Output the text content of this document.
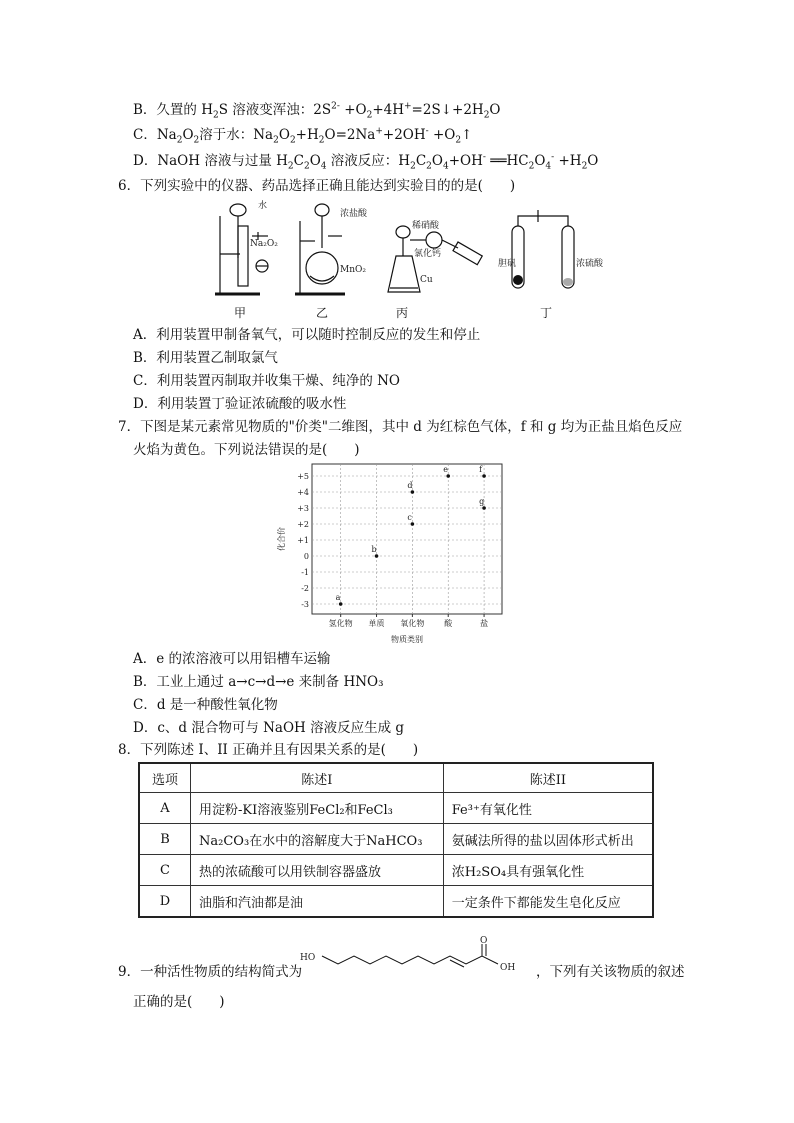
B．久置的 $H_2S$ 溶液变浑浊：$2S^{2-}$ $+O_2+4H^+=2S↓+2H_2O$
C．$Na_2O_2$溶于水：$Na_2O_2+H_2O=2Na^++2OH^-$ $+O_2↑$
D．NaOH 溶液与过量 $H_2C_2O_4$ 溶液反应：$H_2C_2O_4+OH^-$ $══HC_2O_4^- +H_2O$
6．下列实验中的仪器、药品选择正确且能达到实验目的的是(　　)
水
Na₂O₂
浓盐酸
MnO₂
稀硝酸
氯化钙
Cu
胆矾	浓硫酸
甲	乙	丙	丁
A．利用装置甲制备氧气，可以随时控制反应的发生和停止
B．利用装置乙制取氯气
C．利用装置丙制取并收集干燥、纯净的 NO
D．利用装置丁验证浓硫酸的吸水性
7．下图是某元素常见物质的"价类"二维图，其中 d 为红棕色气体，f 和 g 均为正盐且焰色反应
火焰为黄色。下列说法错误的是(　　)
+5
+4
+3
+2
+1
0
-1
-2
-3
氢化物 单质 氧化物 酸	盐
a
b
c
d
e	f
g
化合价
物质类别
A．e 的浓溶液可以用铝槽车运输
B．工业上通过 a→c→d→e 来制备 HNO₃
C．d 是一种酸性氧化物
D．c、d 混合物可与 NaOH 溶液反应生成 g
8．下列陈述 I、II 正确并且有因果关系的是(　　)
选项	陈述I	陈述II
A	用淀粉-KI溶液鉴别FeCl₂和FeCl₃	Fe³⁺有氧化性
B	Na₂CO₃在水中的溶解度大于NaHCO₃	氨碱法所得的盐以固体形式析出
C	热的浓硫酸可以用铁制容器盛放	浓H₂SO₄具有强氧化性
D	油脂和汽油都是油	一定条件下都能发生皂化反应
9．一种活性物质的结构简式为
HO
O
OH ，下列有关该物质的叙述
正确的是(　　)
